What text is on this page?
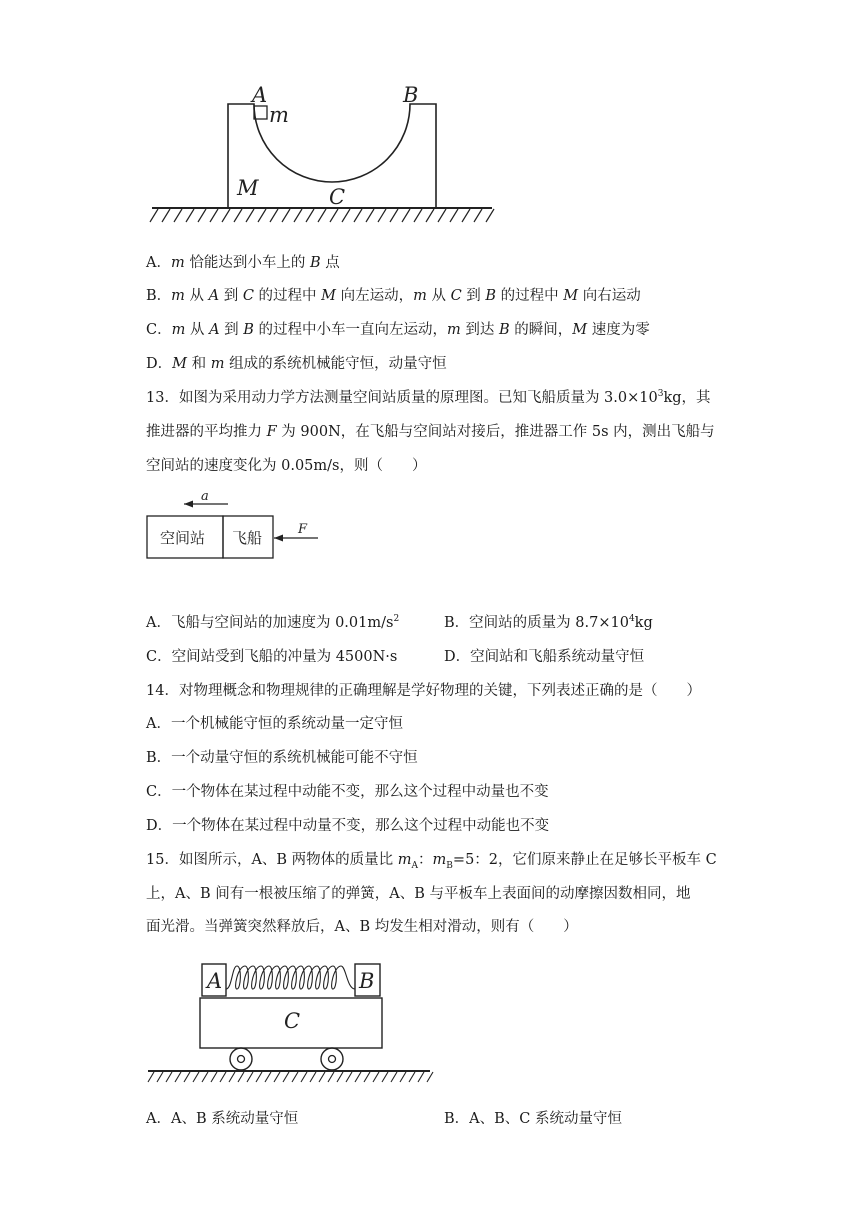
A
m
B
M	C
A．m 恰能达到小车上的 B 点
B．m 从 A 到 C 的过程中 M 向左运动，m 从 C 到 B 的过程中 M 向右运动
C．m 从 A 到 B 的过程中小车一直向左运动，m 到达 B 的瞬间，M 速度为零
D．M 和 m 组成的系统机械能守恒，动量守恒
13．如图为采用动力学方法测量空间站质量的原理图。已知飞船质量为 $3.0\times 10^3kg$，其
推进器的平均推力 F 为 900N，在飞船与空间站对接后，推进器工作 5s 内，测出飞船与
空间站的速度变化为 0.05m/s，则（　　）
a
空间站 飞船	F
A．飞船与空间站的加速度为 $0.01m/s^2$	B．空间站的质量为 $8.7\times 10^4kg$
C．空间站受到飞船的冲量为 4500N·s	D．空间站和飞船系统动量守恒
14．对物理概念和物理规律的正确理解是学好物理的关键，下列表述正确的是（　　）
A．一个机械能守恒的系统动量一定守恒
B．一个动量守恒的系统机械能可能不守恒
C．一个物体在某过程中动能不变，那么这个过程中动量也不变
D．一个物体在某过程中动量不变，那么这个过程中动能也不变
15．如图所示，A、B 两物体的质量比 $m_A$：$m_B=5$：2，它们原来静止在足够长平板车 C
上，A、B 间有一根被压缩了的弹簧，A、B 与平板车上表面间的动摩擦因数相同，地
面光滑。当弹簧突然释放后，A、B 均发生相对滑动，则有（　　）
A	B
C
A．A、B 系统动量守恒	B．A、B、C 系统动量守恒
